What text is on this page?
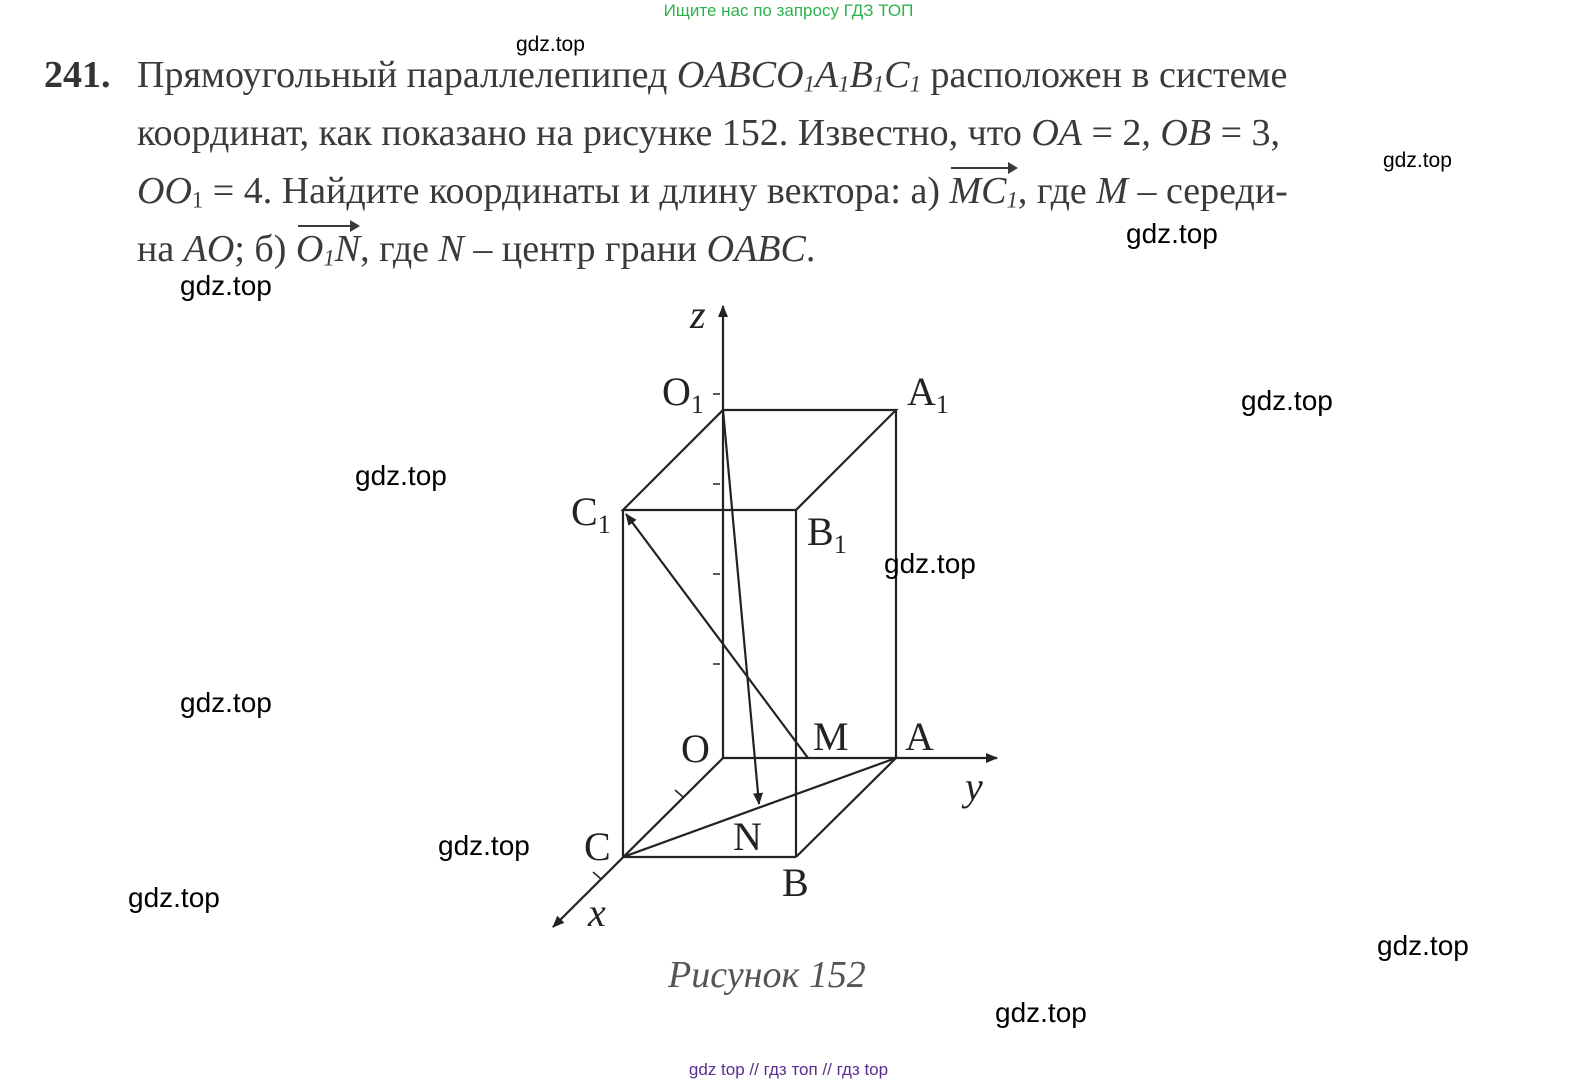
Ищите нас по запросу ГДЗ ТОП
241. Прямоугольный параллелепипед $OABCO_1A_1B_1C_1$ расположен в системе
координат, как показано на рисунке 152. Известно, что OA = 2, OB = 3,
$OO_1 = 4$. Найдите координаты и длину вектора: а) $MC_1$, где M – середи-
на AO; б) $O_1N$, где N – центр грани OABC.
z
y
x
$O_1$	$A_1$
$C_1$	$B_1$
O	M A
C	N
B
Рисунок 152
gdz.top
gdz.top
gdz.top
gdz.top
gdz.top
gdz.top
gdz.top
gdz.top
gdz.top
gdz.top
gdz.top
gdz.top
gdz top // гдз топ // гдз top
